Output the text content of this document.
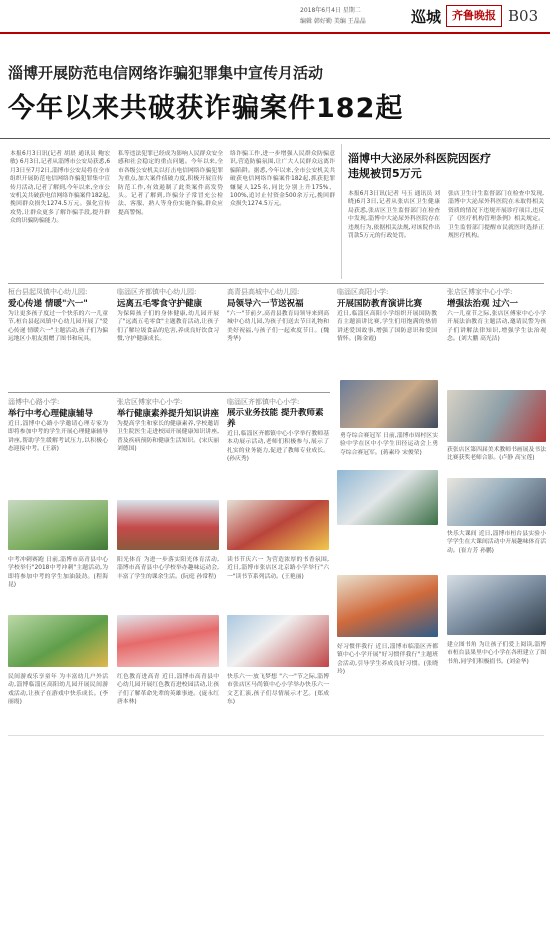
2018年6月4日 星期二
编辑 韩好勤 美编 王晶晶	巡城 齐鲁晚报 B03
淄博开展防范电信网络诈骗犯罪集中宣传月活动
今年以来共破获诈骗案件182起
本报6月3日讯(记者 胡晨 通讯员 鲍宏敏) 6月3日,记者从淄博市公安局获悉,6月3日至7月2日,淄博市公安局将在全市组织开展防范电信网络诈骗犯罪集中宣传月活动,记者了解到,今年以来,全市公安机关共破获电信网络诈骗案件182起,挽回群众损失1274.5万元。强化宣传攻势,让群众更多了解诈骗手段,提升群众的识骗防骗能力。
私等违法犯罪已经成为影响人民群众安全感和社会稳定的重点问题。今年以来,全市各级公安机关以打击电信网络诈骗犯罪为重点,加大案件侦破力度,积极开展宣传防范工作,有效遏制了此类案件高发势头。记者了解到,诈骗分子常冒充公检法、客服、熟人等身份实施诈骗,群众应提高警惕。
络诈骗工作,进一步增强人民群众防骗意识,营造防骗氛围,让广大人民群众远离诈骗陷阱。据悉,今年以来,全市公安机关共破获电信网络诈骗案件182起,抓获犯罪嫌疑人125名,同比分别上升175%、100%,追讨止付资金500余万元,挽回群众损失1274.5万元。
淄博中大泌尿外科医院因医疗违规被罚5万元
本报6月3日讯(记者 马玉 通讯员 刘晓)6月3日,记者从张店区卫生健康局获悉,张店区卫生监督部门在检查中发现,淄博中大泌尿外科医院存在违规行为,依据相关法规,对该院作出罚款5万元的行政处罚。
张店卫生计生监督部门在检查中发现,淄博中大泌尿外科医院在未取得相关资质的情况下违规开展诊疗项目,违反了《医疗机构管理条例》相关规定。卫生监督部门提醒市民就医时选择正规医疗机构。
桓台县起凤镇中心幼儿园:
爱心传递 情暖"六一"
为让更多孩子度过一个快乐的六一儿童节,桓台县起凤镇中心幼儿园开展了"爱心传递 情暖六一"主题活动,孩子们为偏远地区小朋友捐赠了图书和玩具。
临淄区齐都镇中心幼儿园:
远离五毛零食守护健康
为保障孩子们的身体健康,幼儿园开展了"远离五毛零食"主题教育活动,让孩子们了解垃圾食品的危害,养成良好饮食习惯,守护健康成长。
高青县高城中心幼儿园:
局领导六一节送祝福
"六一"节前夕,高青县教育局领导来到高城中心幼儿园,为孩子们送去节日礼物和美好祝福,与孩子们一起欢度节日。(魏秀华)
临淄区高阳小学:
开展国防教育演讲比赛
近日,临淄区高阳小学组织开展国防教育主题演讲比赛,学生们用饱满的热情讲述爱国故事,增强了国防意识和爱国情怀。(陈金霞)
张店区傅家中心小学:
增强法治观 过六一
六一儿童节之际,张店区傅家中心小学开展法治教育主题活动,邀请民警为孩子们讲解法律知识,增强学生法治观念。(刘大鹏 高光洁)
勇夺综合赛冠军 日前,淄博市周村区实验中学在区中小学生田径运动会上勇夺综合赛冠军。(蒋素玲 宋俊荣)
淄博中心路小学:
举行中考心理健康辅导
近日,淄博中心路小学邀请心理专家为即将参加中考的学生开展心理健康辅导讲座,帮助学生缓解考试压力,以积极心态迎接中考。(王新)
张店区傅家中心小学:
举行健康素养提升知识讲座
为提高学生和家长的健康素养,学校邀请卫生院医生走进校园开展健康知识讲座,普及疾病预防和健康生活知识。(宋庆丽 刘德国)
临淄区齐都镇中心小学:
展示业务技能 提升教师素养
近日,临淄区齐都镇中心小学举行教师基本功展示活动,老师们积极参与,展示了扎实的业务能力,促进了教师专业成长。(孙庆秀)
获张店区第四届美术教师书画展及书法比赛获奖老师合影。(卢静 高宝莲)
中考冲刺赛跑 日前,淄博市高青县中心学校举行"2018中考冲刺"主题活动,为即将参加中考的学生加油鼓劲。(程海昆)
阳光体育 为进一步落实阳光体育活动,淄博市高青县中心学校举办趣味运动会,丰富了学生的课余生活。(阮庭 孙常程)
读书节庆六一 为营造浓厚的书香氛围,近日,淄博市张店区北京路小学举行"六一"读书节系列活动。(王艳丽)
快乐大课间 近日,淄博市桓台县实验小学学生在大课间活动中开展趣味体育活动。(崔方芳 孙鹏)
民间游戏乐享童年 为丰富幼儿户外活动,淄博临淄区高阳幼儿园开展民间游戏活动,让孩子在游戏中快乐成长。(李丽霞)
红色教育进高青 近日,淄博市高青县中心幼儿园开展红色教育进校园活动,让孩子们了解革命先辈的英雄事迹。(庞永红 唐本林)
快乐六一·放飞梦想 "六一"节之际,淄博市张店区马尚镇中心小学举办快乐六一文艺汇演,孩子们尽情展示才艺。(郑成东)
好习惯伴我行 近日,淄博市临淄区齐都镇中心小学开展"好习惯伴我行"主题班会活动,引导学生养成良好习惯。(张晓玲)
建立图书角 为让孩子们爱上阅读,淄博市桓台县果里中心小学在各班建立了图书角,同学们积极捐书。(刘金华)
